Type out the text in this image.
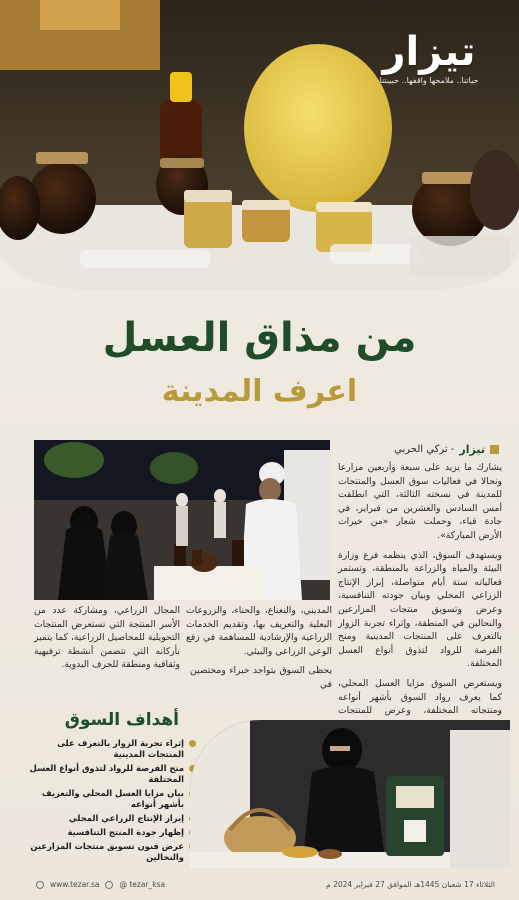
تيزار
حياتنا.. ملامحها واقفها.. حبيبتنا
من مذاق العسل
اعرف المدينة
تيزار
- تركي الحربي

يشارك ما يزيد على سبعة وأربعين مزارعا ونحالا في فعاليات سوق العسل والمنتجات للمدينة في نسخته الثالثة، التي انطلقت أمس السادس والعشرين من فبراير، في جادة قباء، وحملت شعار «من خيرات الأرض المباركة».

ويستهدف السوق، الذي ينظمه فرع وزارة البيئة والمياه والزراعة بالمنطقة، وتستمر فعالياته ستة أيام متواصلة، إبراز الإنتاج الزراعي المحلي وبيان جودته التنافسية، وعرض وتسويق منتجات المزارعين والنحالين في المنطقة، وإثراء تجربة الزوار بالتعرف على المنتجات المدينية ومنح الفرصة للرواد لتذوق أنواع العسل المختلفة.

ويستعرض السوق مزايا العسل المحلي، كما يعرف رواد السوق بأشهر أنواعه ومنتجاته المختلفة، وعرض للمنتجات

المديني، والنعناع، والحناء، والزروعات البعلية والتعريف بها، وتقديم الخدمات الزراعية والإرشادية للمساهمة في رفع الوعي الزراعي والبيئي.

المجال الزراعي، ومشاركة عدد من الأسر المنتجة التي تستعرض المنتجات التحويلية للمحاصيل الزراعية، كما يتميز بأركانه التي تتضمن أنشطة ترفيهية وثقافية ومنطقة للحرف اليدوية.

يحظى السوق بتواجد خبراء ومختصين في

أهداف السوق
إثراء تجربة الزوار بالتعرف على المنتجات المدينية
منح الفرصة للرواد لتذوق أنواع العسل المختلفة
بيان مزايا العسل المحلي والتعريف بأشهر أنواعه
إبراز الإنتاج الزراعي المحلي
إظهار جودة المنتج التنافسية
عرض فنون تسويق منتجات المزارعين والنحالين
www.tezar.sa	@ tezar_ksa	الثلاثاء 17 شعبان 1445هـ الموافق 27 فبراير 2024 م
